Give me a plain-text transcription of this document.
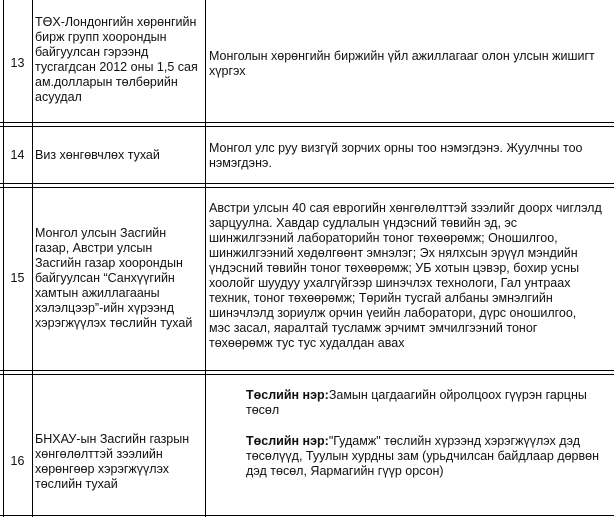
13
ТӨХ-Лондонгийн хөрөнгийн
бирж групп хоорондын
байгуулсан гэрээнд
тусгагдсан 2012 оны 1,5 сая
ам.долларын төлбөрийн
асуудал
Монголын хөрөнгийн биржийн үйл ажиллагааг олон улсын жишигт
хүргэх
14 Виз хөнгөвчлөх тухай	Монгол улс руу визгүй зорчих орны тоо нэмэгдэнэ. Жуулчны тоо
нэмэгдэнэ.
15
Монгол улсын Засгийн
газар, Австри улсын
Засгийн газар хоорондын
байгуулсан “Санхүүгийн
хамтын ажиллагааны
хэлэлцээр”-ийн хүрээнд
хэрэгжүүлэх төслийн тухай
Австри улсын 40 сая еврогийн хөнгөлөлттэй зээлийг доорх чиглэлд
зарцуулна. Хавдар судлалын үндэсний төвийн эд, эс
шинжилгээний лабораторийн тоног төхөөрөмж; Оношилгоо,
шинжилгээний хөдөлгөөнт эмнэлэг; Эх нялхсын эрүүл мэндийн
үндэсний төвийн тоног төхөөрөмж; УБ хотын цэвэр, бохир усны
хоолойг шуудуу ухалгүйгээр шинэчлэх технологи, Гал унтраах
техник, тоног төхөөрөмж; Төрийн тусгай албаны эмнэлгийн
шинэчлэлд зориулж орчин үеийн лаборатори, дүрс оношилгоо,
мэс засал, яаралтай тусламж эрчимт эмчилгээний тоног
төхөөрөмж тус тус худалдан авах
16
БНХАУ-ын Засгийн газрын
хөнгөлөлттэй зээлийн
хөрөнгөөр хэрэгжүүлэх
төслийн тухай
Төслийн нэр:Замын цагдаагийн ойролцоох гүүрэн гарцны
төсөл
Төслийн нэр:"Гудамж" төслийн хүрээнд хэрэгжүүлэх дэд
төсөлүүд, Туулын хурдны зам (урьдчилсан байдлаар дөрвөн
дэд төсөл, Яармагийн гүүр орсон)
